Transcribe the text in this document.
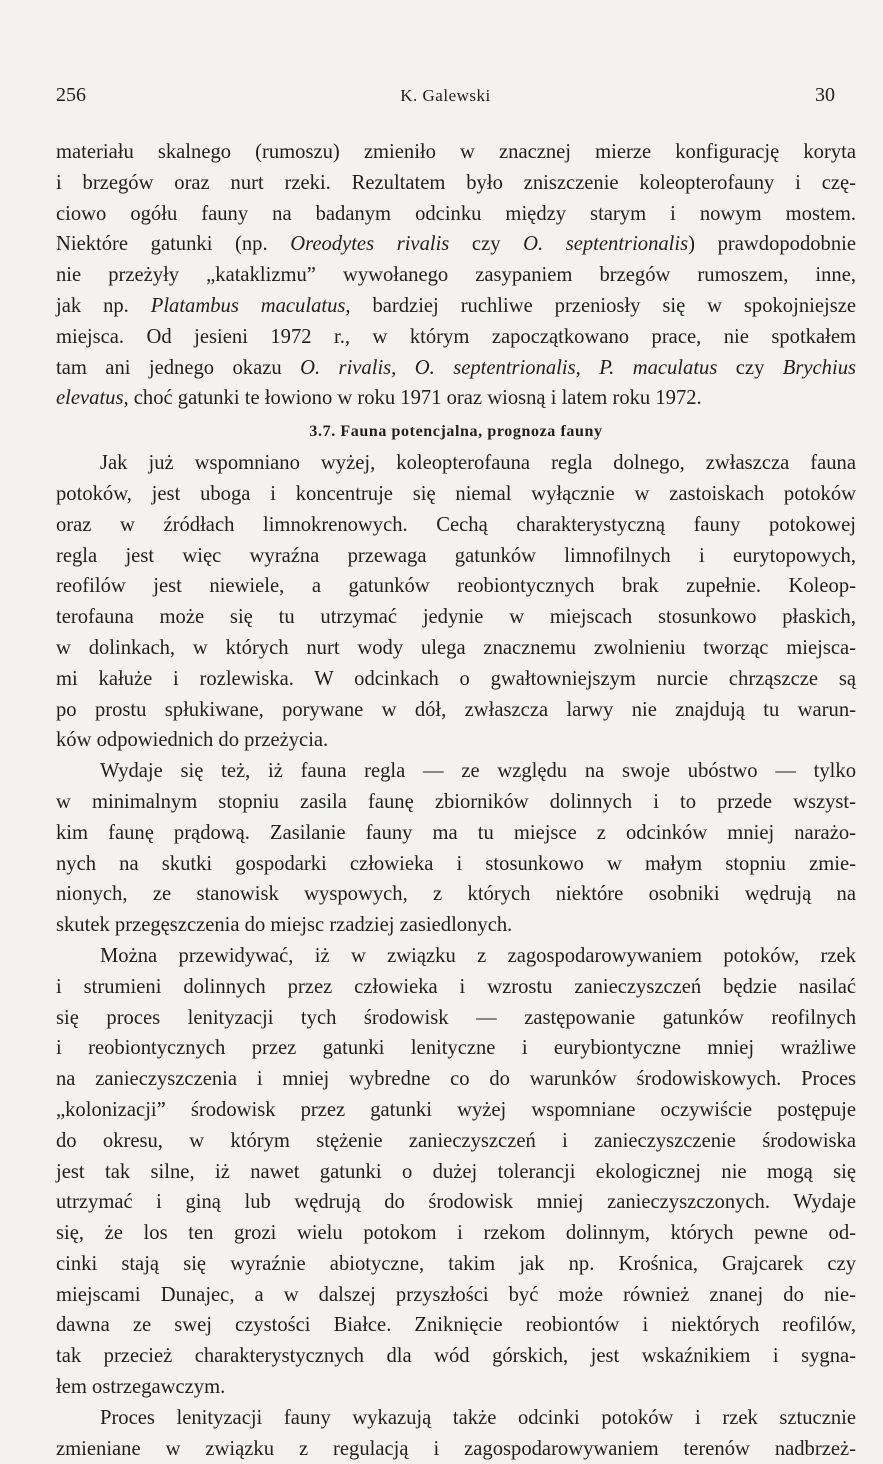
256	K. Galewski	30
materiału skalnego (rumoszu) zmieniło w znacznej mierze konfigurację koryta
i brzegów oraz nurt rzeki. Rezultatem było zniszczenie koleopterofauny i czę-
ciowo ogółu fauny na badanym odcinku między starym i nowym mostem.
Niektóre gatunki (np. Oreodytes rivalis czy O. septentrionalis) prawdopodobnie
nie przeżyły „kataklizmu” wywołanego zasypaniem brzegów rumoszem, inne,
jak np. Platambus maculatus, bardziej ruchliwe przeniosły się w spokojniejsze
miejsca. Od jesieni 1972 r., w którym zapoczątkowano prace, nie spotkałem
tam ani jednego okazu O. rivalis, O. septentrionalis, P. maculatus czy Brychius
elevatus, choć gatunki te łowiono w roku 1971 oraz wiosną i latem roku 1972.
3.7. Fauna potencjalna, prognoza fauny
Jak już wspomniano wyżej, koleopterofauna regla dolnego, zwłaszcza fauna
potoków, jest uboga i koncentruje się niemal wyłącznie w zastoiskach potoków
oraz w źródłach limnokrenowych. Cechą charakterystyczną fauny potokowej
regla jest więc wyraźna przewaga gatunków limnofilnych i eurytopowych,
reofilów jest niewiele, a gatunków reobiontycznych brak zupełnie. Koleop-
terofauna może się tu utrzymać jedynie w miejscach stosunkowo płaskich,
w dolinkach, w których nurt wody ulega znacznemu zwolnieniu tworząc miejsca-
mi kałuże i rozlewiska. W odcinkach o gwałtowniejszym nurcie chrząszcze są
po prostu spłukiwane, porywane w dół, zwłaszcza larwy nie znajdują tu warun-
ków odpowiednich do przeżycia.
Wydaje się też, iż fauna regla — ze względu na swoje ubóstwo — tylko
w minimalnym stopniu zasila faunę zbiorników dolinnych i to przede wszyst-
kim faunę prądową. Zasilanie fauny ma tu miejsce z odcinków mniej narażo-
nych na skutki gospodarki człowieka i stosunkowo w małym stopniu zmie-
nionych, ze stanowisk wyspowych, z których niektóre osobniki wędrują na
skutek przegęszczenia do miejsc rzadziej zasiedlonych.
Można przewidywać, iż w związku z zagospodarowywaniem potoków, rzek
i strumieni dolinnych przez człowieka i wzrostu zanieczyszczeń będzie nasilać
się proces lenityzacji tych środowisk — zastępowanie gatunków reofilnych
i reobiontycznych przez gatunki lenityczne i eurybiontyczne mniej wrażliwe
na zanieczyszczenia i mniej wybredne co do warunków środowiskowych. Proces
„kolonizacji” środowisk przez gatunki wyżej wspomniane oczywiście postępuje
do okresu, w którym stężenie zanieczyszczeń i zanieczyszczenie środowiska
jest tak silne, iż nawet gatunki o dużej tolerancji ekologicznej nie mogą się
utrzymać i giną lub wędrują do środowisk mniej zanieczyszczonych. Wydaje
się, że los ten grozi wielu potokom i rzekom dolinnym, których pewne od-
cinki stają się wyraźnie abiotyczne, takim jak np. Krośnica, Grajcarek czy
miejscami Dunajec, a w dalszej przyszłości być może również znanej do nie-
dawna ze swej czystości Białce. Zniknięcie reobiontów i niektórych reofilów,
tak przecież charakterystycznych dla wód górskich, jest wskaźnikiem i sygna-
łem ostrzegawczym.
Proces lenityzacji fauny wykazują także odcinki potoków i rzek sztucznie
zmieniane w związku z regulacją i zagospodarowywaniem terenów nadbrzeż-
